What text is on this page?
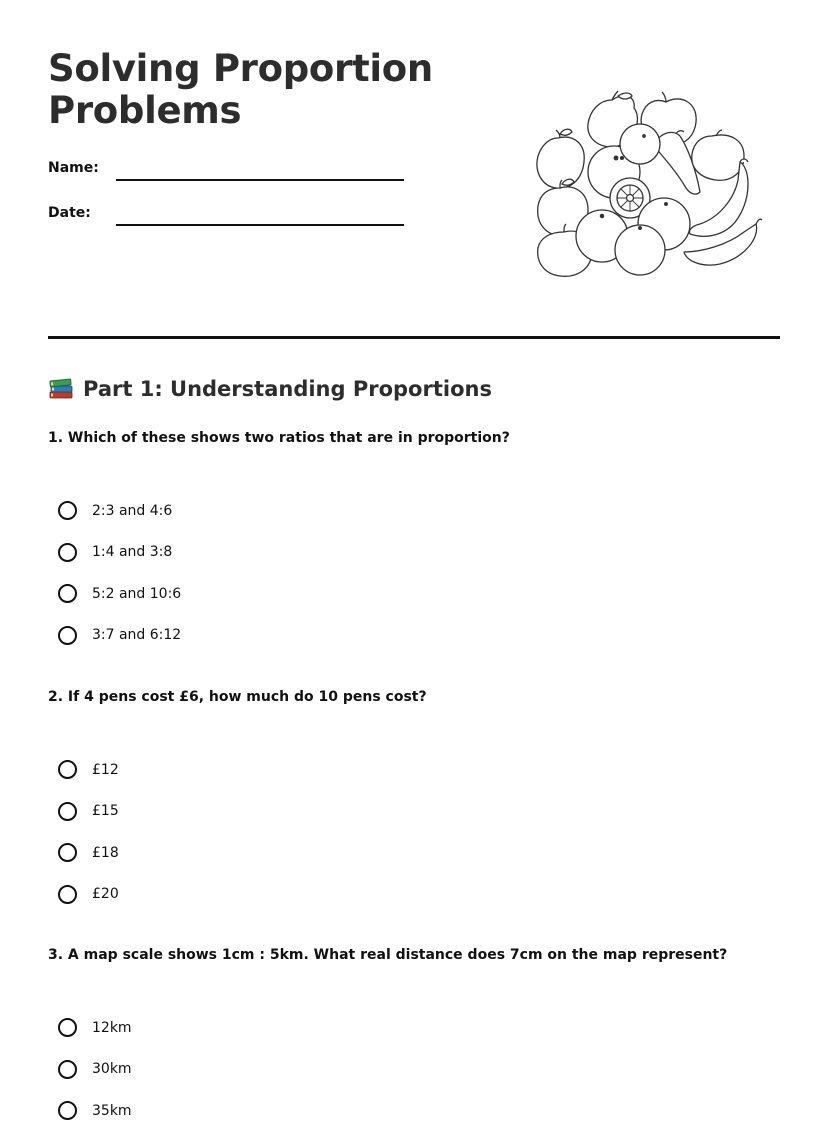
Solving Proportion
Problems
Name:
Date:
Part 1: Understanding Proportions

1. Which of these shows two ratios that are in proportion?

2:3 and 4:6
1:4 and 3:8
5:2 and 10:6
3:7 and 6:12

2. If 4 pens cost £6, how much do 10 pens cost?

£12
£15
£18
£20

3. A map scale shows 1cm : 5km. What real distance does 7cm on the map represent?

12km
30km
35km
